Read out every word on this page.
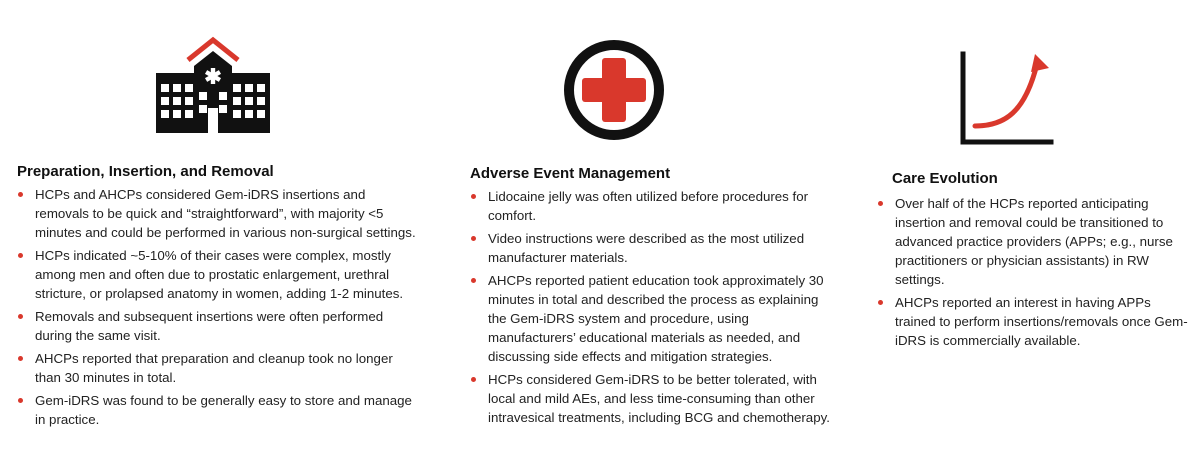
Preparation, Insertion, and Removal
HCPs and AHCPs considered Gem-iDRS insertions and removals to be quick and “straightforward”, with majority <5 minutes and could be performed in various non-surgical settings.
HCPs indicated ~5-10% of their cases were complex, mostly among men and often due to prostatic enlargement, urethral stricture, or prolapsed anatomy in women, adding 1-2 minutes.
Removals and subsequent insertions were often performed during the same visit.
AHCPs reported that preparation and cleanup took no longer than 30 minutes in total.
Gem-iDRS was found to be generally easy to store and manage in practice.
Adverse Event Management
Lidocaine jelly was often utilized before procedures for comfort.
Video instructions were described as the most utilized manufacturer materials.
AHCPs reported patient education took approximately 30 minutes in total and described the process as explaining the Gem-iDRS system and procedure, using manufacturers’ educational materials as needed, and discussing side effects and mitigation strategies.
HCPs considered Gem-iDRS to be better tolerated, with local and mild AEs, and less time-consuming than other intravesical treatments, including BCG and chemotherapy.
Care Evolution
Over half of the HCPs reported anticipating insertion and removal could be transitioned to advanced practice providers (APPs; e.g., nurse practitioners or physician assistants) in RW settings.
AHCPs reported an interest in having APPs trained to perform insertions/removals once Gem-iDRS is commercially available.
